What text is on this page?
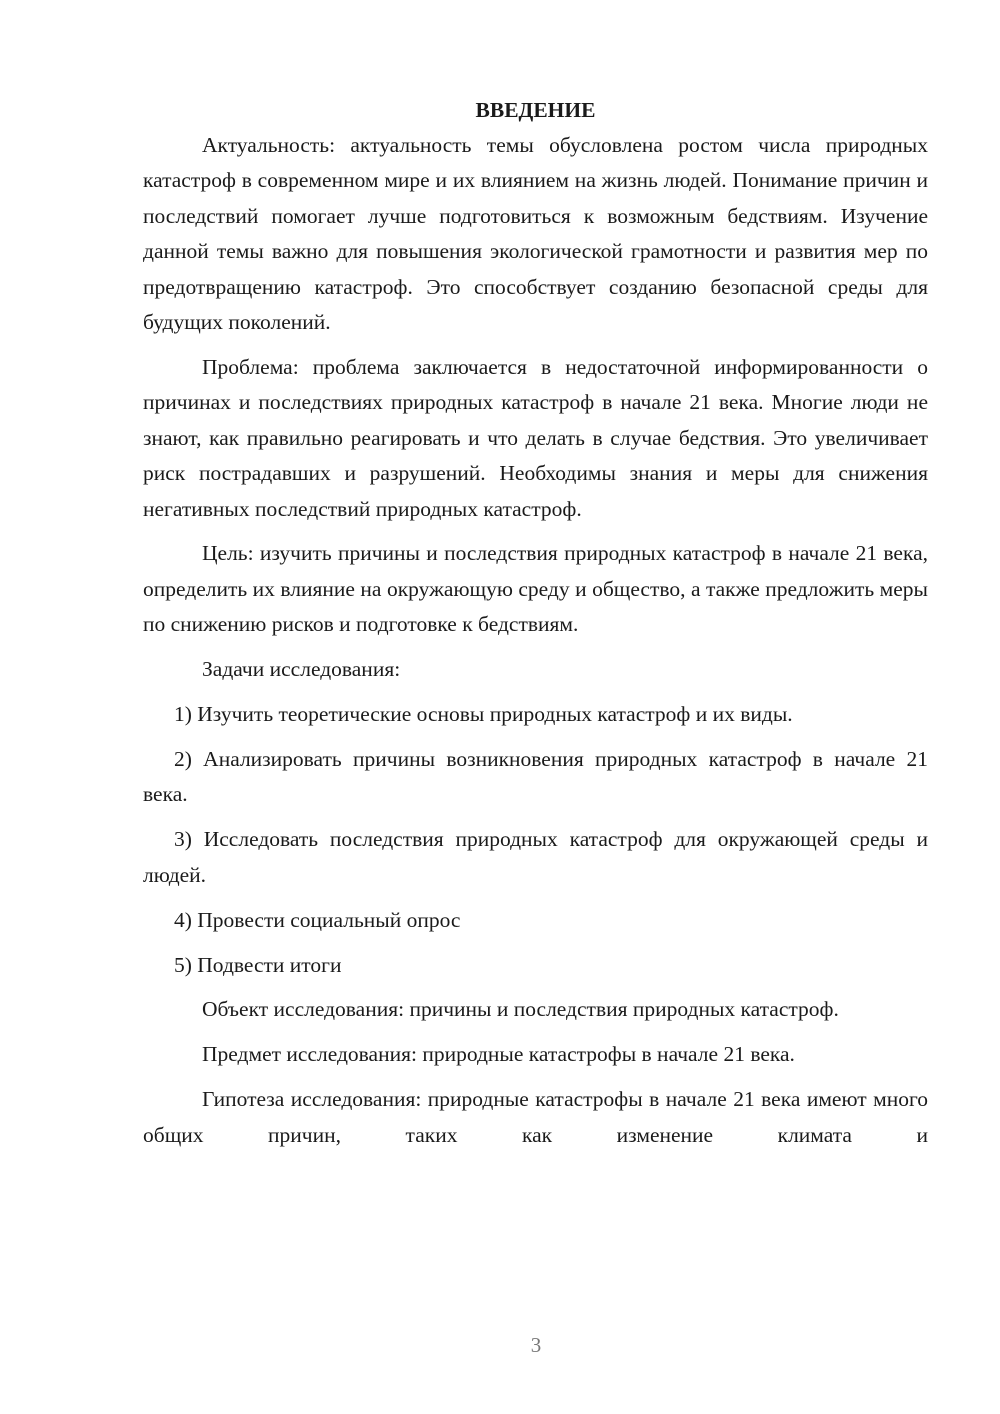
ВВЕДЕНИЕ

Актуальность: актуальность темы обусловлена ростом числа природных катастроф в современном мире и их влиянием на жизнь людей. Понимание причин и последствий помогает лучше подготовиться к возможным бедствиям. Изучение данной темы важно для повышения экологической грамотности и развития мер по предотвращению катастроф. Это способствует созданию безопасной среды для будущих поколений.

Проблема: проблема заключается в недостаточной информированности о причинах и последствиях природных катастроф в начале 21 века. Многие люди не знают, как правильно реагировать и что делать в случае бедствия. Это увеличивает риск пострадавших и разрушений. Необходимы знания и меры для снижения негативных последствий природных катастроф.

Цель: изучить причины и последствия природных катастроф в начале 21 века, определить их влияние на окружающую среду и общество, а также предложить меры по снижению рисков и подготовке к бедствиям.

Задачи исследования:

1) Изучить теоретические основы природных катастроф и их виды.

2) Анализировать причины возникновения природных катастроф в начале 21 века.

3) Исследовать последствия природных катастроф для окружающей среды и людей.

4) Провести социальный опрос

5) Подвести итоги

Объект исследования: причины и последствия природных катастроф.

Предмет исследования: природные катастрофы в начале 21 века.

Гипотеза исследования: природные катастрофы в начале 21 века имеют много общих причин, таких как изменение климата и

3
